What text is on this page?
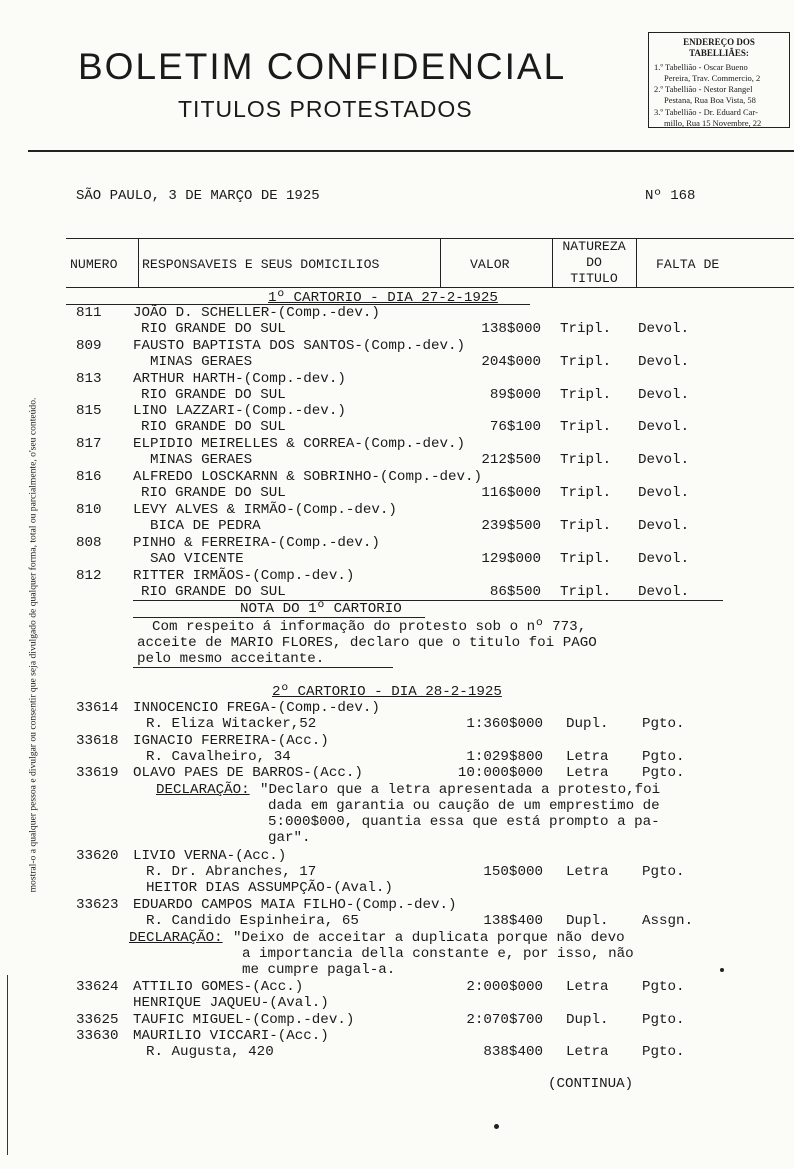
BOLETIM CONFIDENCIAL
TITULOS PROTESTADOS
ENDEREÇO DOS TABELLIÃES:
1.º Tabellião - Oscar Bueno
Pereira, Trav. Commercio, 2
2.º Tabellião - Nestor Rangel
Pestana, Rua Boa Vista, 58
3.º Tabellião - Dr. Eduard Car-
millo, Rua 15 Novembre, 22
mostral-o a qualquer pessoa e divulgar ou consentir que seja divulgado de qualquer forma, total ou parcialmente, o'seu conteúdo.
SÃO PAULO, 3 DE MARÇO DE 1925	Nº 168
NUMERO RESPONSAVEIS E SEUS DOMICILIOS	VALOR
NATUREZA
DO
TITULO
FALTA DE
1º CARTORIO - DIA 27-2-1925
811 JOÃO D. SCHELLER-(Comp.-dev.)
RIO GRANDE DO SUL	138$000 Tripl. Devol.
809 FAUSTO BAPTISTA DOS SANTOS-(Comp.-dev.)
MINAS GERAES	204$000 Tripl. Devol.
813 ARTHUR HARTH-(Comp.-dev.)
RIO GRANDE DO SUL	89$000 Tripl. Devol.
815 LINO LAZZARI-(Comp.-dev.)
RIO GRANDE DO SUL	76$100 Tripl. Devol.
817 ELPIDIO MEIRELLES & CORREA-(Comp.-dev.)
MINAS GERAES	212$500 Tripl. Devol.
816 ALFREDO LOSCKARNN & SOBRINHO-(Comp.-dev.)
RIO GRANDE DO SUL	116$000 Tripl. Devol.
810 LEVY ALVES & IRMÃO-(Comp.-dev.)
BICA DE PEDRA	239$500 Tripl. Devol.
808 PINHO & FERREIRA-(Comp.-dev.)
SAO VICENTE	129$000 Tripl. Devol.
812 RITTER IRMÃOS-(Comp.-dev.)
RIO GRANDE DO SUL	86$500 Tripl. Devol.
NOTA DO 1º CARTORIO
Com respeito á informação do protesto sob o nº 773,
acceite de MARIO FLORES, declaro que o titulo foi PAGO
pelo mesmo acceitante.
2º CARTORIO - DIA 28-2-1925
33614 INNOCENCIO FREGA-(Comp.-dev.)
R. Eliza Witacker,52	1:360$000 Dupl. Pgto.
33618 IGNACIO FERREIRA-(Acc.)
R. Cavalheiro, 34	1:029$800 Letra Pgto.
33619 OLAVO PAES DE BARROS-(Acc.)	10:000$000 Letra Pgto.
DECLARAÇÃO: "Declaro que a letra apresentada a protesto,foi
dada em garantia ou caução de um emprestimo de
5:000$000, quantia essa que está prompto a pa-
gar".
33620 LIVIO VERNA-(Acc.)
R. Dr. Abranches, 17	150$000 Letra Pgto.
HEITOR DIAS ASSUMPÇÃO-(Aval.)
33623 EDUARDO CAMPOS MAIA FILHO-(Comp.-dev.)
R. Candido Espinheira, 65	138$400 Dupl. Assgn.
DECLARAÇÃO: "Deixo de acceitar a duplicata porque não devo
a importancia della constante e, por isso, não
me cumpre pagal-a.
33624 ATTILIO GOMES-(Acc.)	2:000$000 Letra Pgto.
HENRIQUE JAQUEU-(Aval.)
33625 TAUFIC MIGUEL-(Comp.-dev.)	2:070$700 Dupl. Pgto.
33630 MAURILIO VICCARI-(Acc.)
R. Augusta, 420	838$400 Letra Pgto.
(CONTINUA)
